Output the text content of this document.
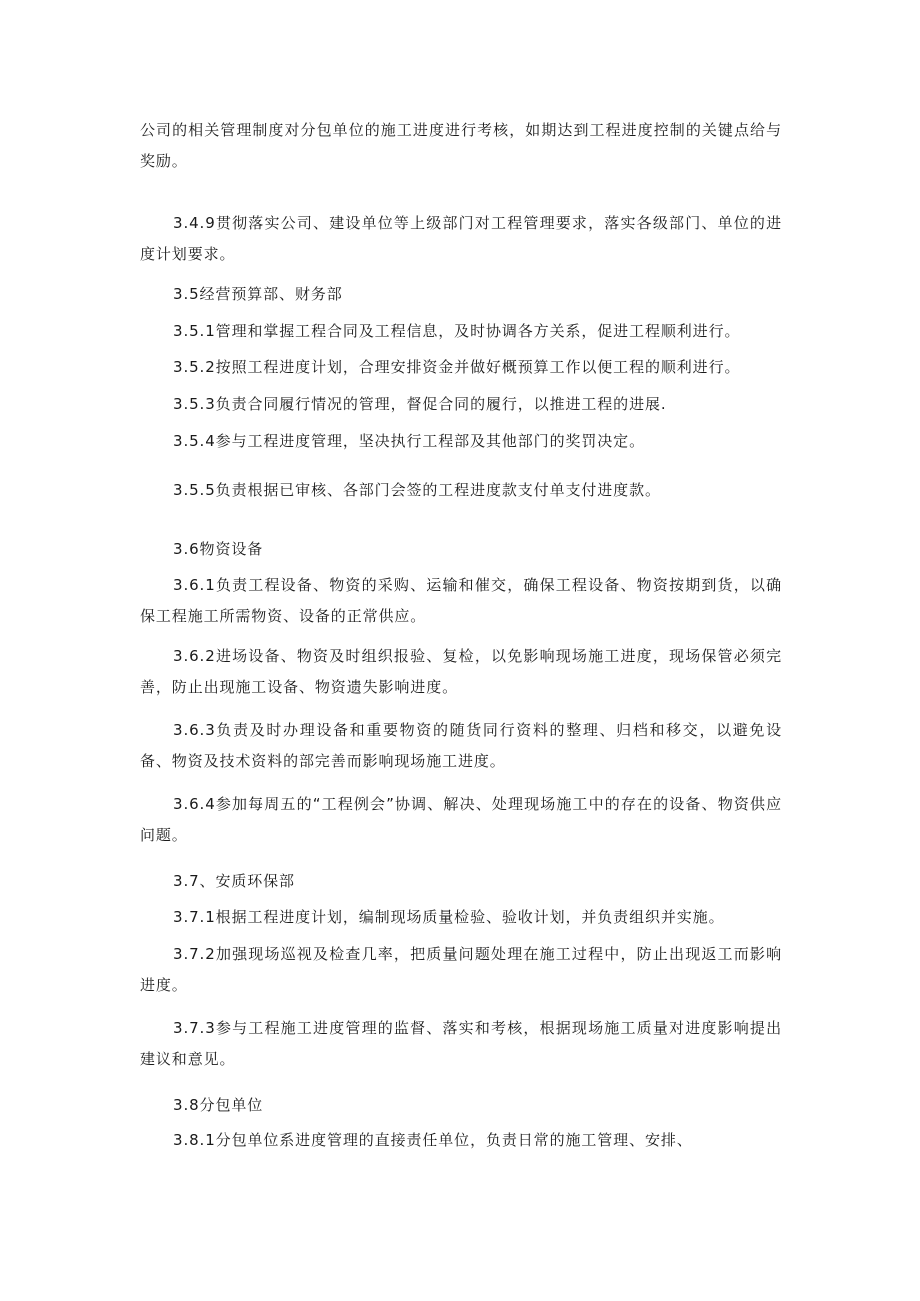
公司的相关管理制度对分包单位的施工进度进行考核，如期达到工程进度控制的关键点给与奖励。

3.4.9贯彻落实公司、建设单位等上级部门对工程管理要求，落实各级部门、单位的进度计划要求。

3.5经营预算部、财务部

3.5.1管理和掌握工程合同及工程信息，及时协调各方关系，促进工程顺利进行。

3.5.2按照工程进度计划，合理安排资金并做好概预算工作以便工程的顺利进行。

3.5.3负责合同履行情况的管理，督促合同的履行，以推进工程的进展.

3.5.4参与工程进度管理，坚决执行工程部及其他部门的奖罚决定。

3.5.5负责根据已审核、各部门会签的工程进度款支付单支付进度款。

3.6物资设备

3.6.1负责工程设备、物资的采购、运输和催交，确保工程设备、物资按期到货，以确保工程施工所需物资、设备的正常供应。

3.6.2进场设备、物资及时组织报验、复检，以免影响现场施工进度，现场保管必须完善，防止出现施工设备、物资遗失影响进度。

3.6.3负责及时办理设备和重要物资的随货同行资料的整理、归档和移交，以避免设备、物资及技术资料的部完善而影响现场施工进度。

3.6.4参加每周五的“工程例会”协调、解决、处理现场施工中的存在的设备、物资供应问题。

3.7、安质环保部

3.7.1根据工程进度计划，编制现场质量检验、验收计划，并负责组织并实施。

3.7.2加强现场巡视及检查几率，把质量问题处理在施工过程中，防止出现返工而影响进度。

3.7.3参与工程施工进度管理的监督、落实和考核，根据现场施工质量对进度影响提出建议和意见。

3.8分包单位

3.8.1分包单位系进度管理的直接责任单位，负责日常的施工管理、安排、
